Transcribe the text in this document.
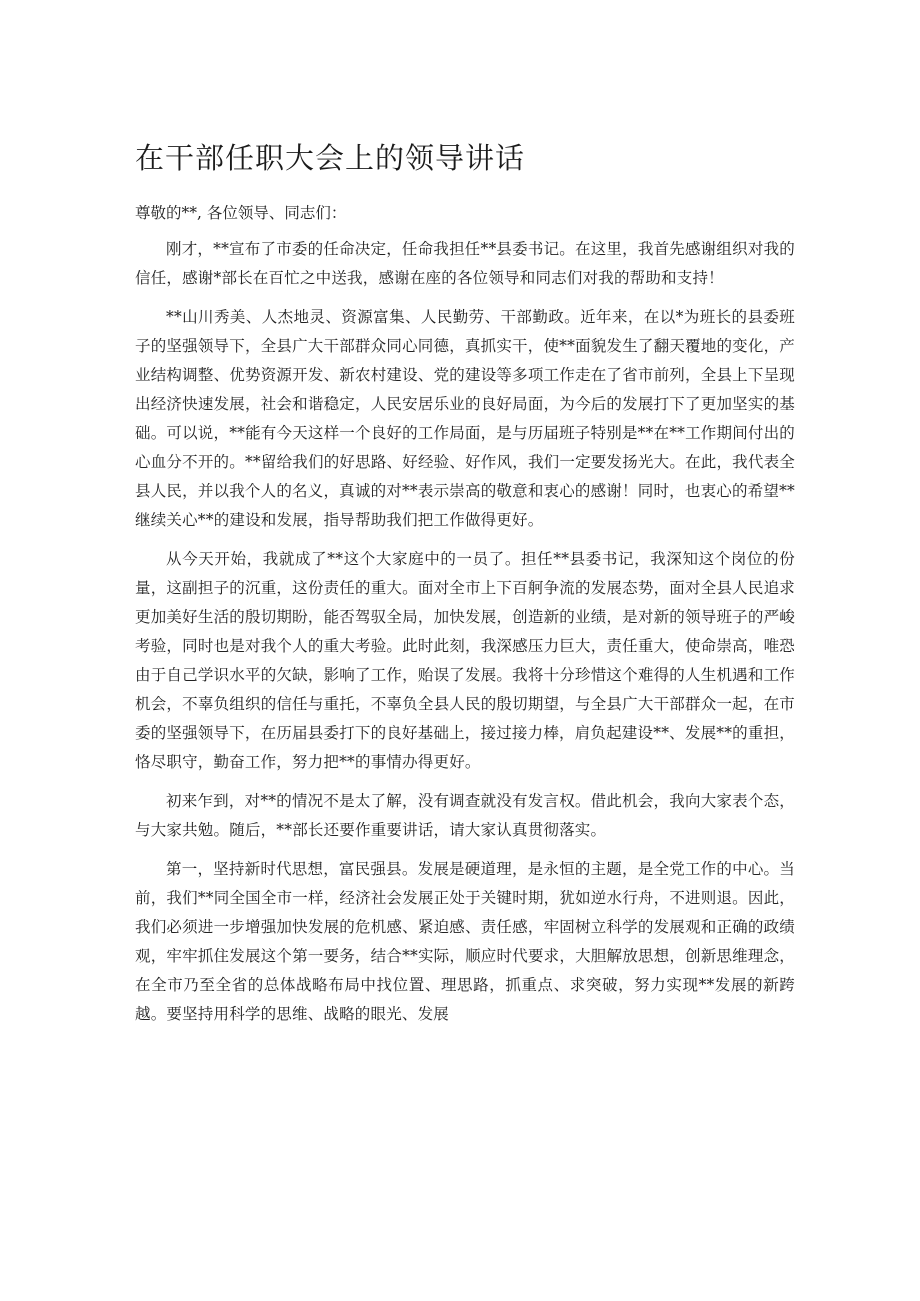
在干部任职大会上的领导讲话

尊敬的**, 各位领导、同志们：

刚才，**宣布了市委的任命决定，任命我担任**县委书记。在这里，我首先感谢组织对我的信任，感谢*部长在百忙之中送我，感谢在座的各位领导和同志们对我的帮助和支持！

**山川秀美、人杰地灵、资源富集、人民勤劳、干部勤政。近年来，在以*为班长的县委班子的坚强领导下，全县广大干部群众同心同德，真抓实干，使**面貌发生了翻天覆地的变化，产业结构调整、优势资源开发、新农村建设、党的建设等多项工作走在了省市前列，全县上下呈现出经济快速发展，社会和谐稳定，人民安居乐业的良好局面，为今后的发展打下了更加坚实的基础。可以说，**能有今天这样一个良好的工作局面，是与历届班子特别是**在**工作期间付出的心血分不开的。**留给我们的好思路、好经验、好作风，我们一定要发扬光大。在此，我代表全县人民，并以我个人的名义，真诚的对**表示崇高的敬意和衷心的感谢！同时，也衷心的希望**继续关心**的建设和发展，指导帮助我们把工作做得更好。

从今天开始，我就成了**这个大家庭中的一员了。担任**县委书记，我深知这个岗位的份量，这副担子的沉重，这份责任的重大。面对全市上下百舸争流的发展态势，面对全县人民追求更加美好生活的殷切期盼，能否驾驭全局，加快发展，创造新的业绩，是对新的领导班子的严峻考验，同时也是对我个人的重大考验。此时此刻，我深感压力巨大，责任重大，使命崇高，唯恐由于自己学识水平的欠缺，影响了工作，贻误了发展。我将十分珍惜这个难得的人生机遇和工作机会，不辜负组织的信任与重托，不辜负全县人民的殷切期望，与全县广大干部群众一起，在市委的坚强领导下，在历届县委打下的良好基础上，接过接力棒，肩负起建设**、发展**的重担，恪尽职守，勤奋工作，努力把**的事情办得更好。

初来乍到，对**的情况不是太了解，没有调查就没有发言权。借此机会，我向大家表个态，与大家共勉。随后，**部长还要作重要讲话，请大家认真贯彻落实。

第一，坚持新时代思想，富民强县。发展是硬道理，是永恒的主题，是全党工作的中心。当前，我们**同全国全市一样，经济社会发展正处于关键时期，犹如逆水行舟，不进则退。因此，我们必须进一步增强加快发展的危机感、紧迫感、责任感，牢固树立科学的发展观和正确的政绩观，牢牢抓住发展这个第一要务，结合**实际，顺应时代要求，大胆解放思想，创新思维理念，在全市乃至全省的总体战略布局中找位置、理思路，抓重点、求突破，努力实现**发展的新跨越。要坚持用科学的思维、战略的眼光、发展
